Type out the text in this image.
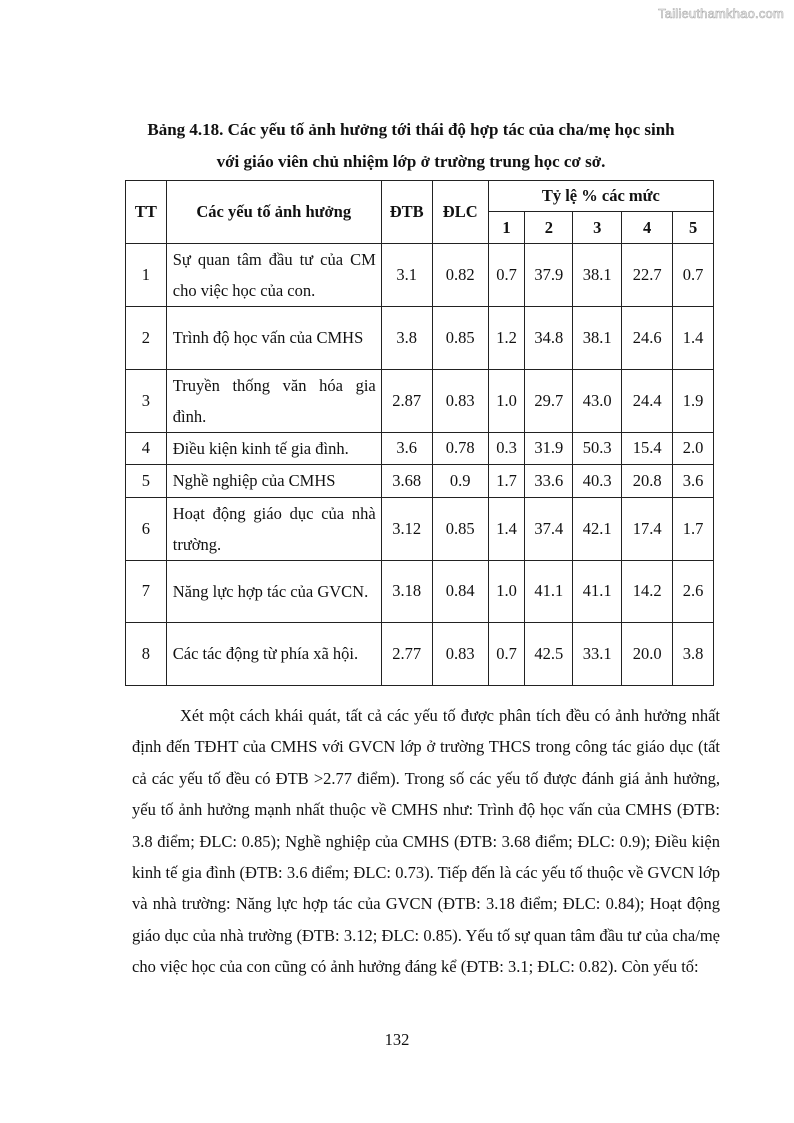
Tailieuthamkhao.com
Bảng 4.18. Các yếu tố ảnh hưởng tới thái độ hợp tác của cha/mẹ học sinh
với giáo viên chủ nhiệm lớp ở trường trung học cơ sở.
TT	Các yếu tố ảnh hưởng	ĐTB	ĐLC	Tỷ lệ % các mức				
				1	2	3	4	5
1	Sự quan tâm đầu tư của CM cho việc học của con.	3.1	0.82	0.7	37.9	38.1	22.7	0.7
2	Trình độ học vấn của CMHS	3.8	0.85	1.2	34.8	38.1	24.6	1.4
3	Truyền thống văn hóa gia đình.	2.87	0.83	1.0	29.7	43.0	24.4	1.9
4	Điều kiện kinh tế gia đình.	3.6	0.78	0.3	31.9	50.3	15.4	2.0
5	Nghề nghiệp của CMHS	3.68	0.9	1.7	33.6	40.3	20.8	3.6
6	Hoạt động giáo dục của nhà trường.	3.12	0.85	1.4	37.4	42.1	17.4	1.7
7	Năng lực hợp tác của GVCN.	3.18	0.84	1.0	41.1	41.1	14.2	2.6
8	Các tác động từ phía xã hội.	2.77	0.83	0.7	42.5	33.1	20.0	3.8

Xét một cách khái quát, tất cả các yếu tố được phân tích đều có ảnh hưởng nhất định đến TĐHT của CMHS với GVCN lớp ở trường THCS trong công tác giáo dục (tất cả các yếu tố đều có ĐTB >2.77 điểm). Trong số các yếu tố được đánh giá ảnh hưởng, yếu tố ảnh hưởng mạnh nhất thuộc về CMHS như: Trình độ học vấn của CMHS (ĐTB: 3.8 điểm; ĐLC: 0.85); Nghề nghiệp của CMHS (ĐTB: 3.68 điểm; ĐLC: 0.9); Điều kiện kinh tế gia đình (ĐTB: 3.6 điểm; ĐLC: 0.73). Tiếp đến là các yếu tố thuộc về GVCN lớp và nhà trường: Năng lực hợp tác của GVCN (ĐTB: 3.18 điểm; ĐLC: 0.84); Hoạt động giáo dục của nhà trường (ĐTB: 3.12; ĐLC: 0.85). Yếu tố sự quan tâm đầu tư của cha/mẹ cho việc học của con cũng có ảnh hưởng đáng kể (ĐTB: 3.1; ĐLC: 0.82). Còn yếu tố:

132
